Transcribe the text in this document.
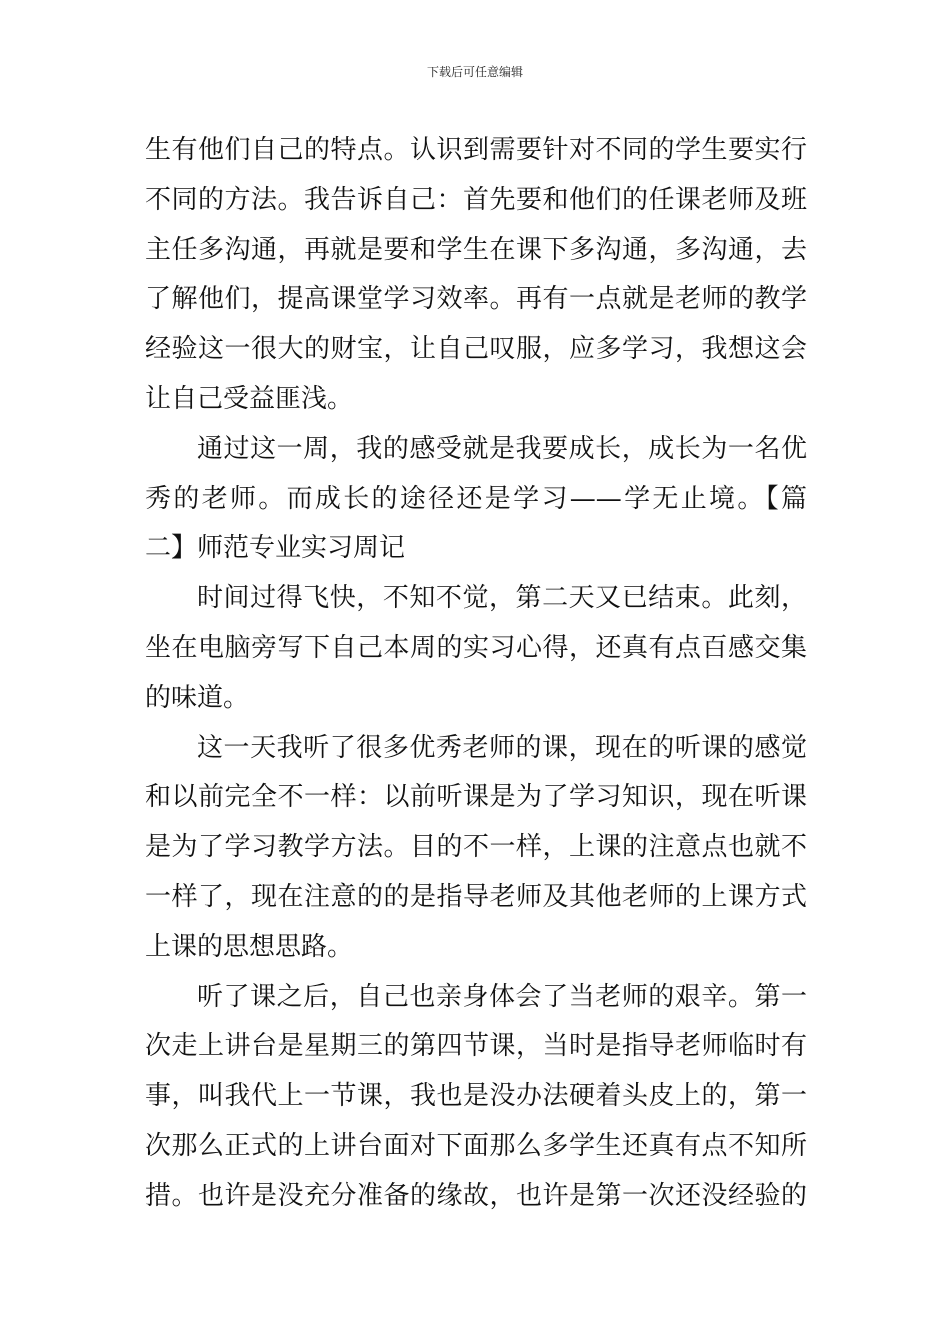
下载后可任意编辑
生有他们自己的特点。认识到需要针对不同的学生要实行
不同的方法。我告诉自己：首先要和他们的任课老师及班
主任多沟通，再就是要和学生在课下多沟通，多沟通，去
了解他们，提高课堂学习效率。再有一点就是老师的教学
经验这一很大的财宝，让自己叹服，应多学习，我想这会
让自己受益匪浅。
通过这一周，我的感受就是我要成长，成长为一名优
秀的老师。而成长的途径还是学习——学无止境。【篇
二】师范专业实习周记
时间过得飞快，不知不觉，第二天又已结束。此刻，
坐在电脑旁写下自己本周的实习心得，还真有点百感交集
的味道。
这一天我听了很多优秀老师的课，现在的听课的感觉
和以前完全不一样：以前听课是为了学习知识，现在听课
是为了学习教学方法。目的不一样，上课的注意点也就不
一样了，现在注意的的是指导老师及其他老师的上课方式
上课的思想思路。
听了课之后，自己也亲身体会了当老师的艰辛。第一
次走上讲台是星期三的第四节课，当时是指导老师临时有
事，叫我代上一节课，我也是没办法硬着头皮上的，第一
次那么正式的上讲台面对下面那么多学生还真有点不知所
措。也许是没充分准备的缘故，也许是第一次还没经验的
